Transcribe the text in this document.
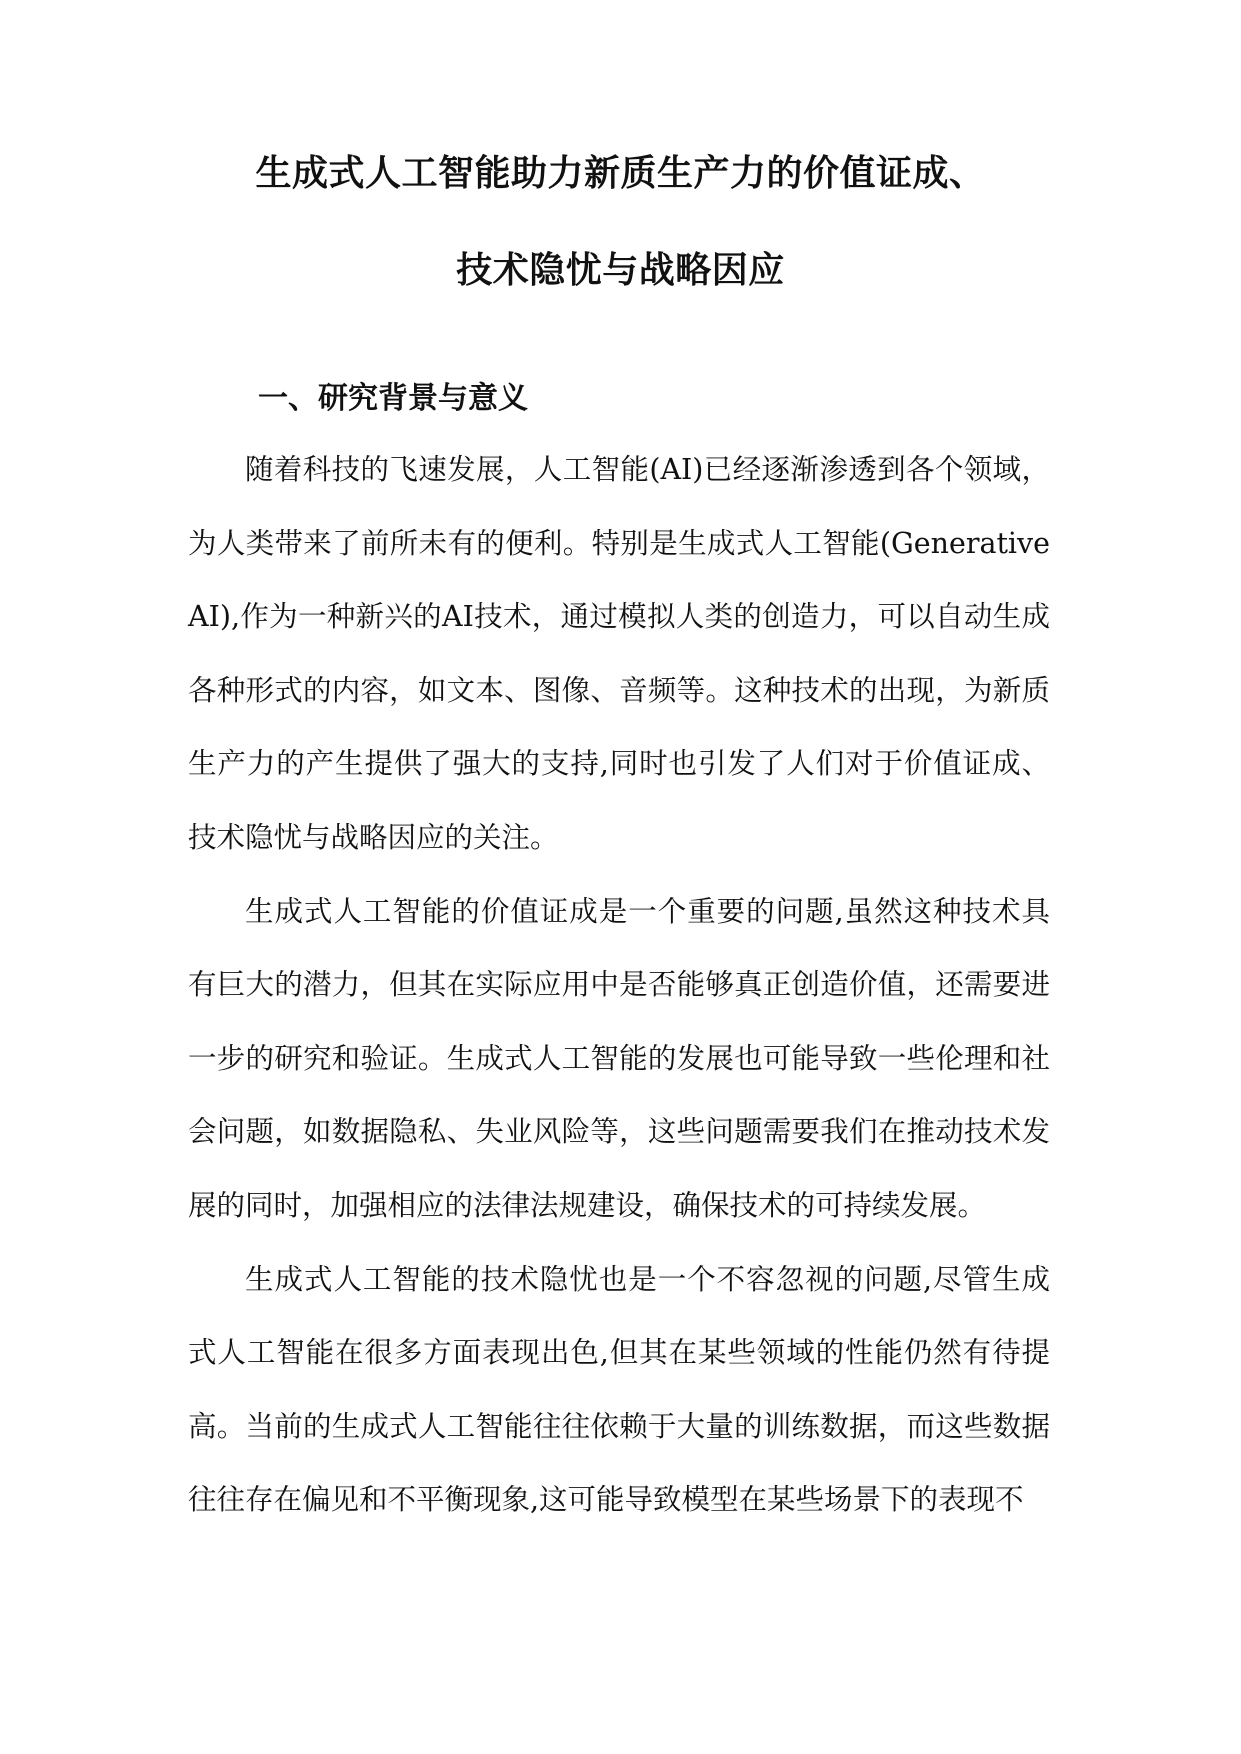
生成式人工智能助力新质生产力的价值证成、
技术隐忧与战略因应
一、研究背景与意义

随着科技的飞速发展，人工智能(AI)已经逐渐渗透到各个领域，为人类带来了前所未有的便利。特别是生成式人工智能(Generative AI),作为一种新兴的AI技术，通过模拟人类的创造力，可以自动生成各种形式的内容，如文本、图像、音频等。这种技术的出现，为新质生产力的产生提供了强大的支持,同时也引发了人们对于价值证成、技术隐忧与战略因应的关注。

生成式人工智能的价值证成是一个重要的问题,虽然这种技术具有巨大的潜力，但其在实际应用中是否能够真正创造价值，还需要进一步的研究和验证。生成式人工智能的发展也可能导致一些伦理和社会问题，如数据隐私、失业风险等，这些问题需要我们在推动技术发展的同时，加强相应的法律法规建设，确保技术的可持续发展。

生成式人工智能的技术隐忧也是一个不容忽视的问题,尽管生成式人工智能在很多方面表现出色,但其在某些领域的性能仍然有待提高。当前的生成式人工智能往往依赖于大量的训练数据，而这些数据往往存在偏见和不平衡现象,这可能导致模型在某些场景下的表现不
